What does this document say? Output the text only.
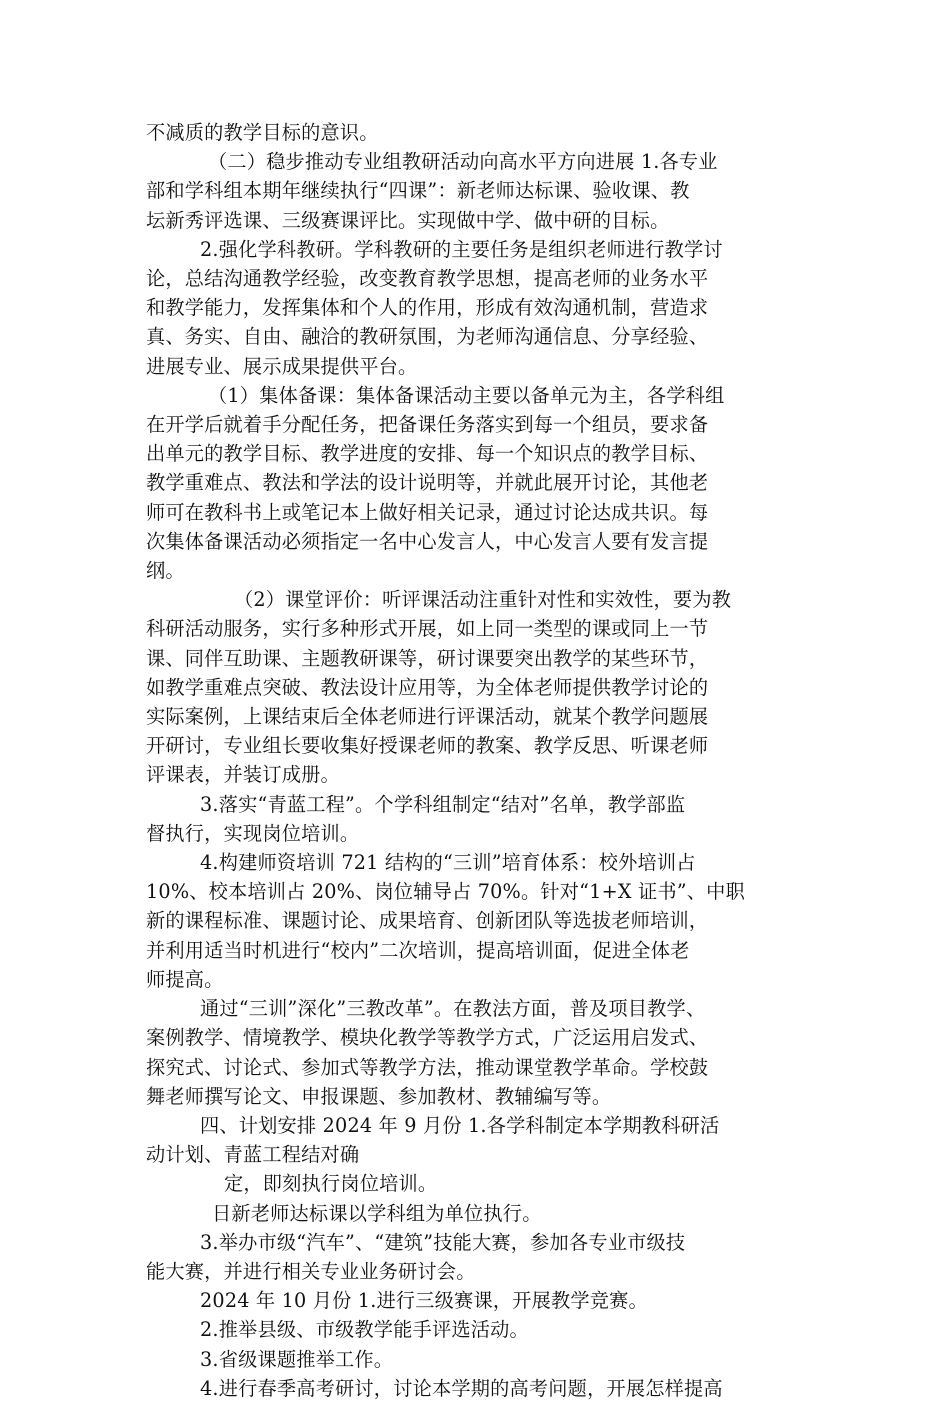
不减质的教学目标的意识。
（二）稳步推动专业组教研活动向高水平方向进展 1.各专业
部和学科组本期年继续执行“四课”：新老师达标课、验收课、教
坛新秀评选课、三级赛课评比。实现做中学、做中研的目标。
2.强化学科教研。学科教研的主要任务是组织老师进行教学讨
论，总结沟通教学经验，改变教育教学思想，提高老师的业务水平
和教学能力，发挥集体和个人的作用，形成有效沟通机制，营造求
真、务实、自由、融洽的教研氛围，为老师沟通信息、分享经验、
进展专业、展示成果提供平台。
（1）集体备课：集体备课活动主要以备单元为主，各学科组
在开学后就着手分配任务，把备课任务落实到每一个组员，要求备
出单元的教学目标、教学进度的安排、每一个知识点的教学目标、
教学重难点、教法和学法的设计说明等，并就此展开讨论，其他老
师可在教科书上或笔记本上做好相关记录，通过讨论达成共识。每
次集体备课活动必须指定一名中心发言人，中心发言人要有发言提
纲。
（2）课堂评价：听评课活动注重针对性和实效性，要为教
科研活动服务，实行多种形式开展，如上同一类型的课或同上一节
课、同伴互助课、主题教研课等，研讨课要突出教学的某些环节，
如教学重难点突破、教法设计应用等，为全体老师提供教学讨论的
实际案例，上课结束后全体老师进行评课活动，就某个教学问题展
开研讨，专业组长要收集好授课老师的教案、教学反思、听课老师
评课表，并装订成册。
3.落实“青蓝工程”。个学科组制定“结对”名单，教学部监
督执行，实现岗位培训。
4.构建师资培训 721 结构的“三训”培育体系：校外培训占
10%、校本培训占 20%、岗位辅导占 70%。针对“1+X 证书”、中职
新的课程标准、课题讨论、成果培育、创新团队等选拔老师培训，
并利用适当时机进行“校内”二次培训，提高培训面，促进全体老
师提高。
通过“三训”深化”三教改革”。在教法方面，普及项目教学、
案例教学、情境教学、模块化教学等教学方式，广泛运用启发式、
探究式、讨论式、参加式等教学方法，推动课堂教学革命。学校鼓
舞老师撰写论文、申报课题、参加教材、教辅编写等。
四、计划安排 2024 年 9 月份 1.各学科制定本学期教科研活
动计划、青蓝工程结对确
定，即刻执行岗位培训。
日新老师达标课以学科组为单位执行。
3.举办市级“汽车”、“建筑”技能大赛，参加各专业市级技
能大赛，并进行相关专业业务研讨会。
2024 年 10 月份 1.进行三级赛课，开展教学竞赛。
2.推举县级、市级教学能手评选活动。
3.省级课题推举工作。
4.进行春季高考研讨，讨论本学期的高考问题，开展怎样提高
